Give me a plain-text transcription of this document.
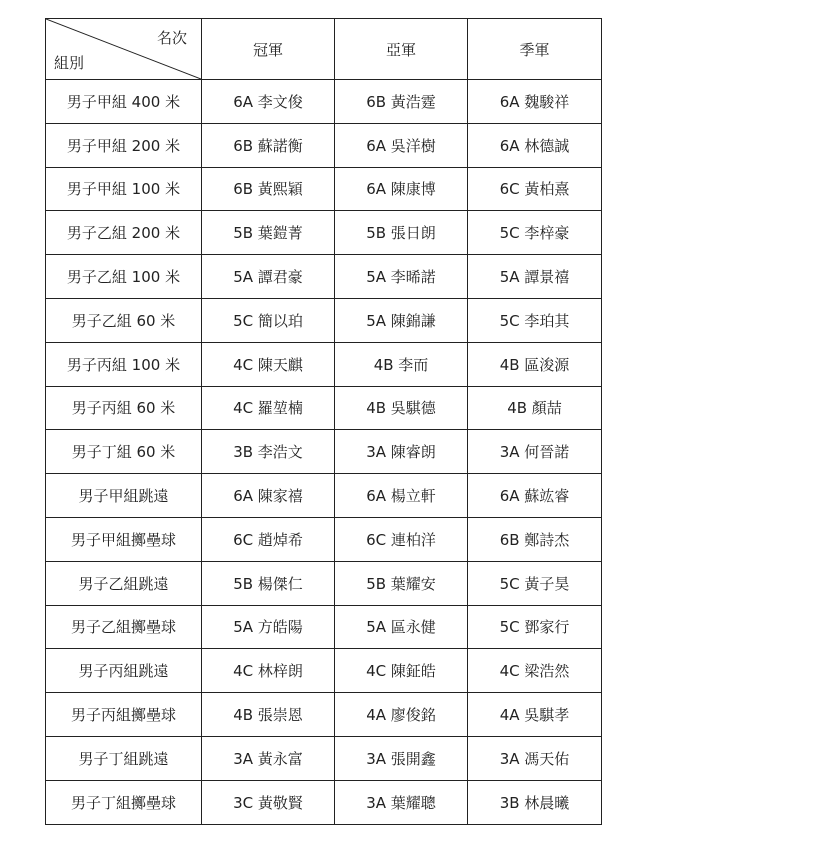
名次
組別	冠軍	亞軍	季軍
男子甲組 400 米	6A 李文俊	6B 黃浩霆	6A 魏駿祥
男子甲組 200 米	6B 蘇諾衡	6A 吳洋樹	6A 林德誠
男子甲組 100 米	6B 黃熙穎	6A 陳康博	6C 黃柏熹
男子乙組 200 米	5B 葉鎧菁	5B 張日朗	5C 李梓豪
男子乙組 100 米	5A 譚君豪	5A 李晞諾	5A 譚景禧
男子乙組 60 米	5C 簡以珀	5A 陳錦謙	5C 李珀其
男子丙組 100 米	4C 陳天麒	4B 李而	4B 區浚源
男子丙組 60 米	4C 羅堃楠	4B 吳騏德	4B 顏喆
男子丁組 60 米	3B 李浩文	3A 陳睿朗	3A 何晉諾
男子甲組跳遠	6A 陳家禧	6A 楊立軒	6A 蘇竑睿
男子甲組擲壘球	6C 趙焯希	6C 連柏洋	6B 鄭詩杰
男子乙組跳遠	5B 楊傑仁	5B 葉耀安	5C 黃子昊
男子乙組擲壘球	5A 方皓陽	5A 區永健	5C 鄧家行
男子丙組跳遠	4C 林梓朗	4C 陳鉦皓	4C 梁浩然
男子丙組擲壘球	4B 張崇恩	4A 廖俊銘	4A 吳騏孝
男子丁組跳遠	3A 黃永富	3A 張開鑫	3A 馮天佑
男子丁組擲壘球	3C 黃敬賢	3A 葉耀聰	3B 林晨曦
